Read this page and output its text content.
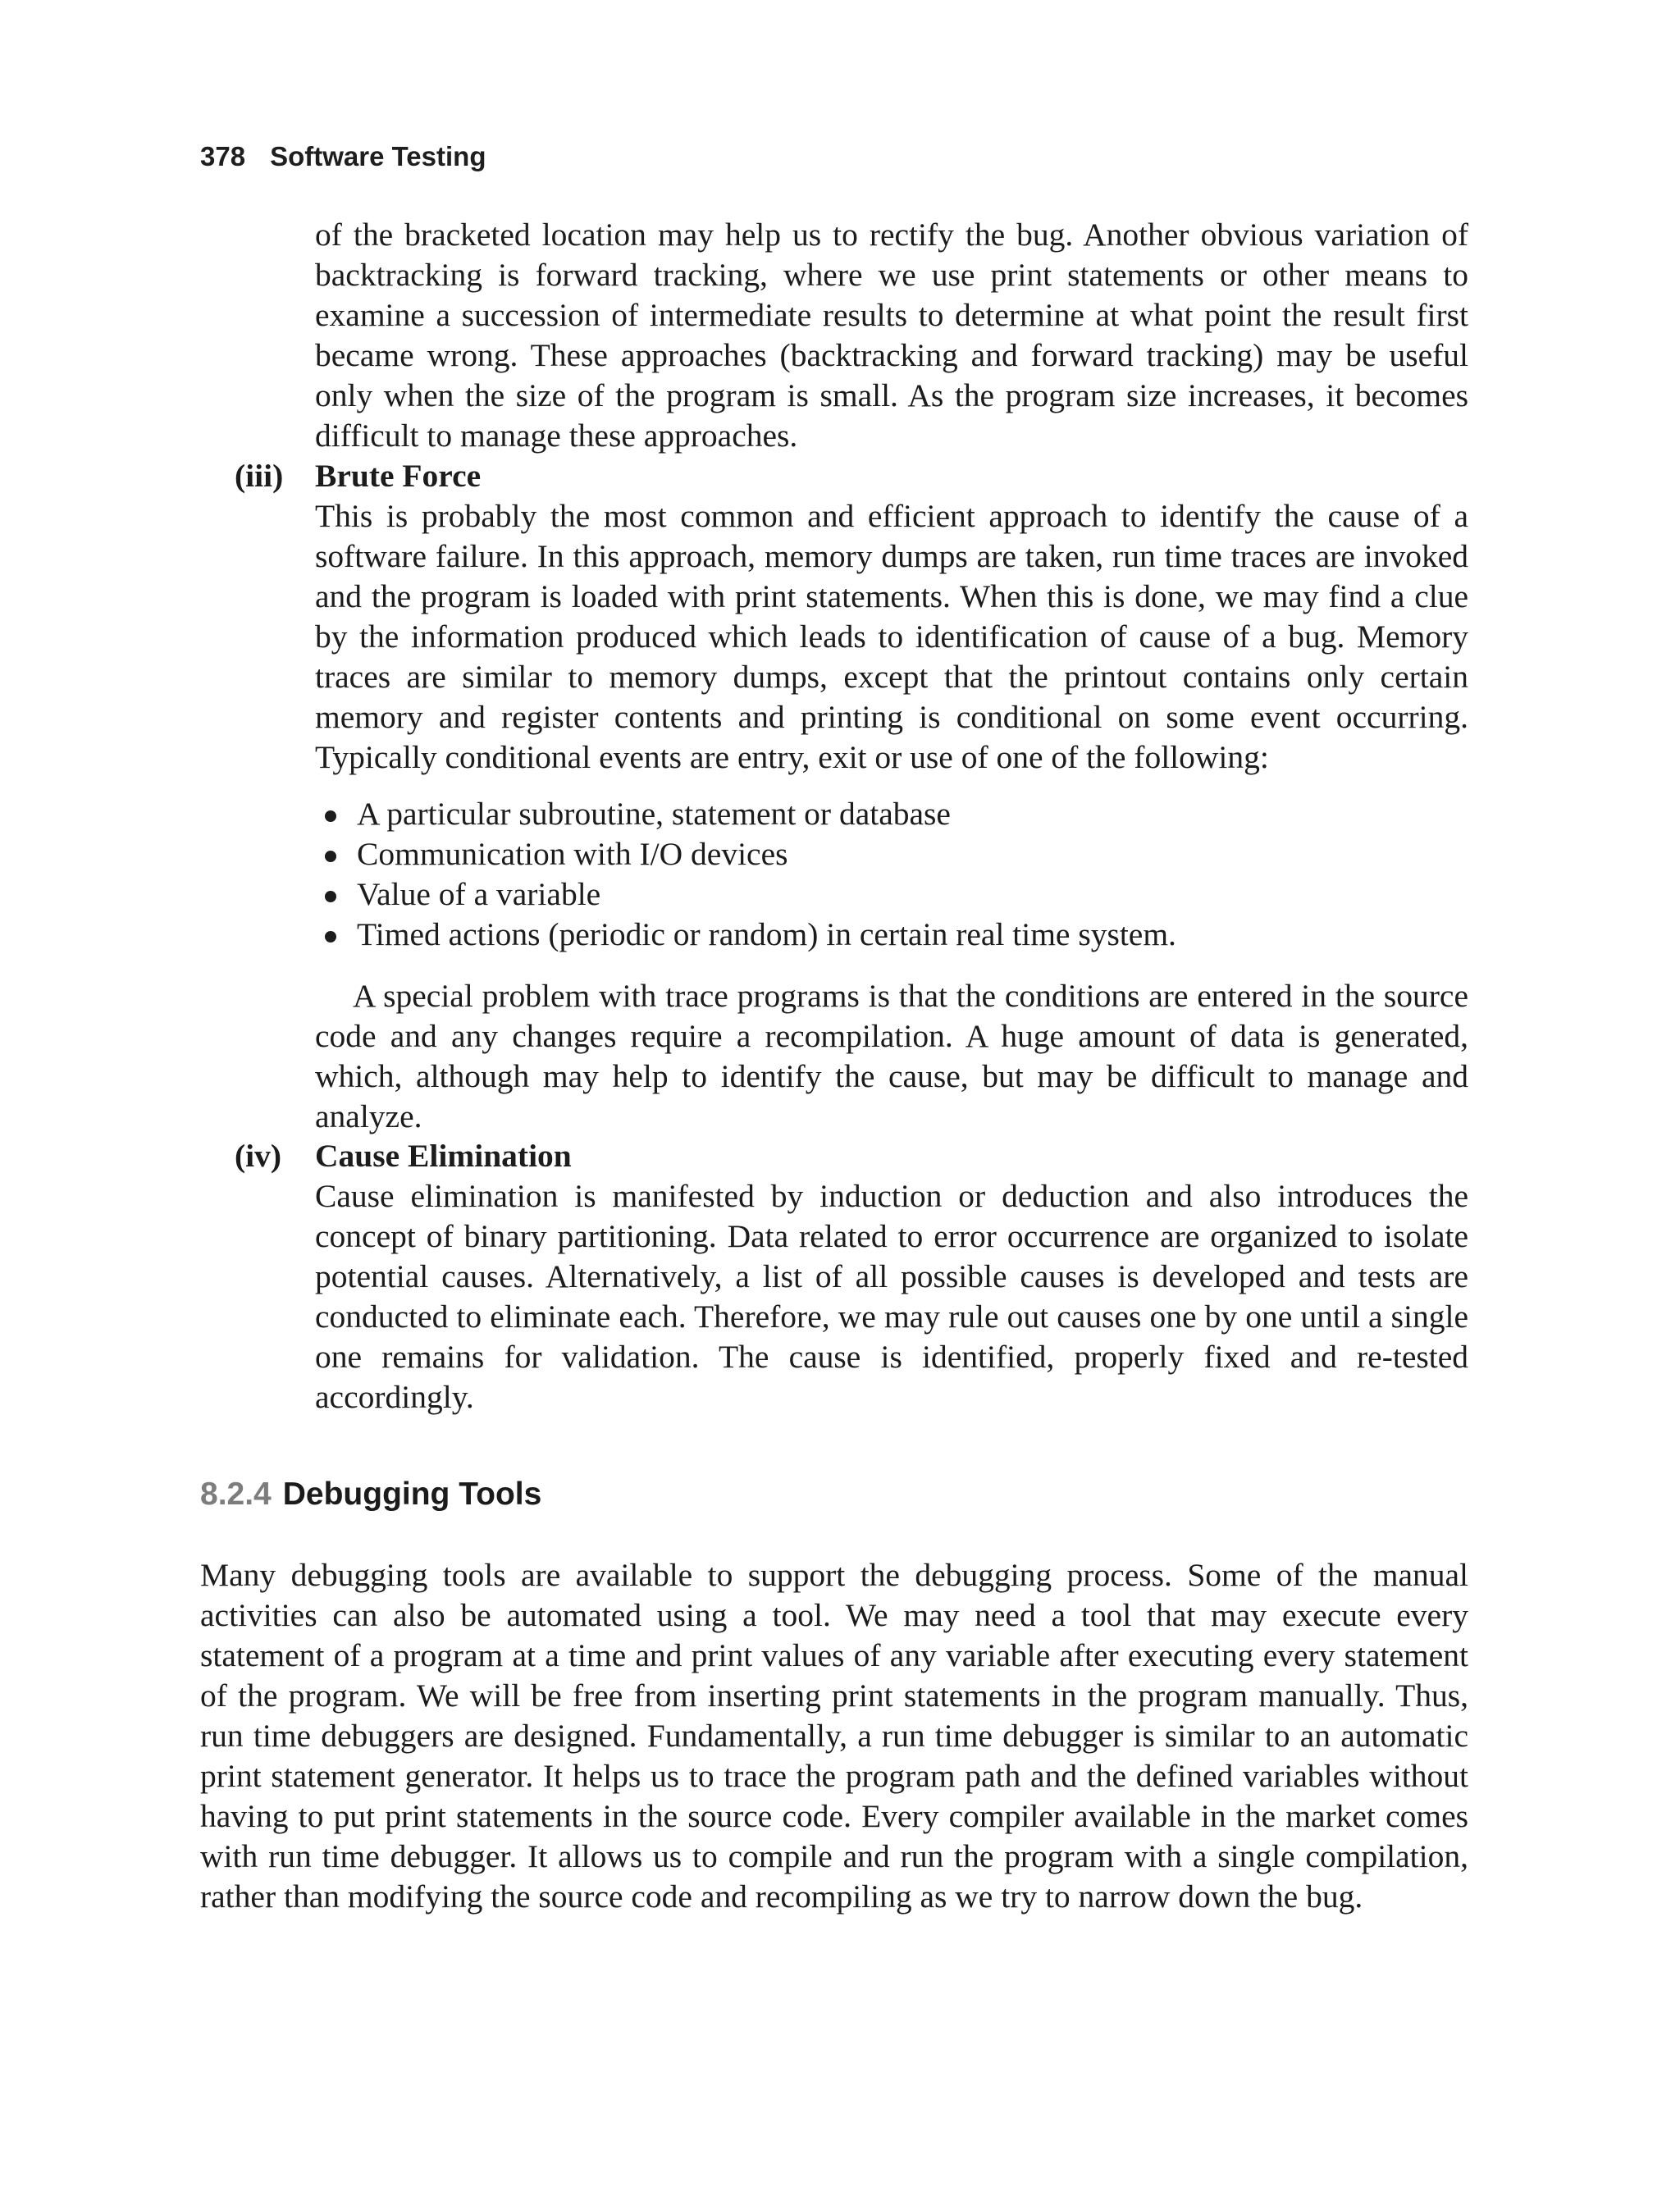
378 Software Testing

of the bracketed location may help us to rectify the bug. Another obvious variation of backtracking is forward tracking, where we use print statements or other means to examine a succession of intermediate results to determine at what point the result first became wrong. These approaches (backtracking and forward tracking) may be useful only when the size of the program is small. As the program size increases, it becomes difficult to manage these approaches.

(iii) Brute Force

This is probably the most common and efficient approach to identify the cause of a software failure. In this approach, memory dumps are taken, run time traces are invoked and the program is loaded with print statements. When this is done, we may find a clue by the information produced which leads to identification of cause of a bug. Memory traces are similar to memory dumps, except that the printout contains only certain memory and register contents and printing is conditional on some event occurring. Typically conditional events are entry, exit or use of one of the following:

A particular subroutine, statement or database
Communication with I/O devices
Value of a variable
Timed actions (periodic or random) in certain real time system.

A special problem with trace programs is that the conditions are entered in the source code and any changes require a recompilation. A huge amount of data is generated, which, although may help to identify the cause, but may be difficult to manage and analyze.

(iv) Cause Elimination

Cause elimination is manifested by induction or deduction and also introduces the concept of binary partitioning. Data related to error occurrence are organized to isolate potential causes. Alternatively, a list of all possible causes is developed and tests are conducted to eliminate each. Therefore, we may rule out causes one by one until a single one remains for validation. The cause is identified, properly fixed and re-tested accordingly.

8.2.4 Debugging Tools

Many debugging tools are available to support the debugging process. Some of the manual activities can also be automated using a tool. We may need a tool that may execute every statement of a program at a time and print values of any variable after executing every statement of the program. We will be free from inserting print statements in the program manually. Thus, run time debuggers are designed. Fundamentally, a run time debugger is similar to an automatic print statement generator. It helps us to trace the program path and the defined variables without having to put print statements in the source code. Every compiler available in the market comes with run time debugger. It allows us to compile and run the program with a single compilation, rather than modifying the source code and recompiling as we try to narrow down the bug.
